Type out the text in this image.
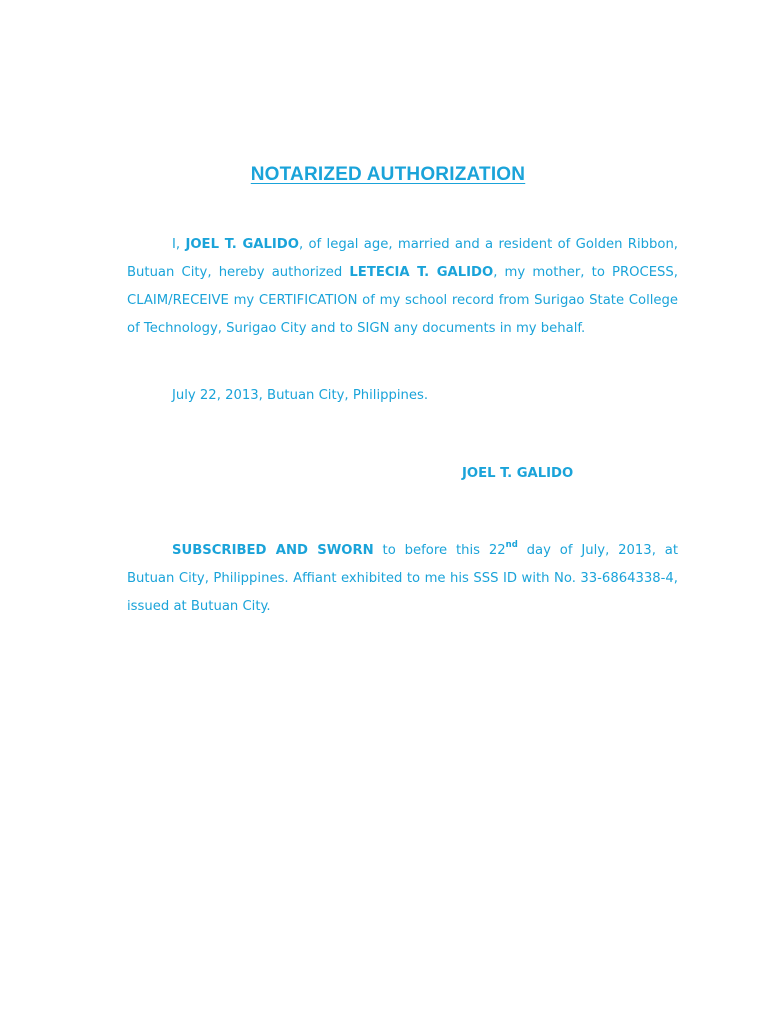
NOTARIZED AUTHORIZATION

I, JOEL T. GALIDO, of legal age, married and a resident of Golden Ribbon, Butuan City, hereby authorized LETECIA T. GALIDO, my mother, to PROCESS, CLAIM/RECEIVE my CERTIFICATION of my school record from Surigao State College of Technology, Surigao City and to SIGN any documents in my behalf.

July 22, 2013, Butuan City, Philippines.
JOEL T. GALIDO

SUBSCRIBED AND SWORN to before this 22nd day of July, 2013, at Butuan City, Philippines. Affiant exhibited to me his SSS ID with No. 33-6864338-4, issued at Butuan City.
